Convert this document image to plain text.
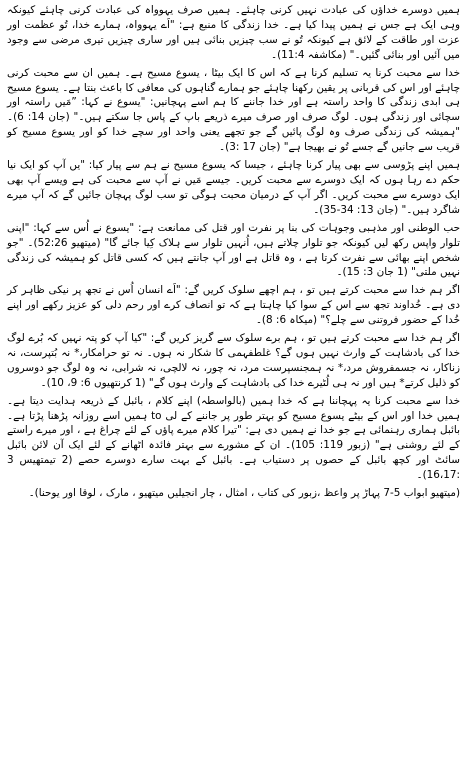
ہمیں دوسرے خداؤں کی عبادت نہیں کرنی چاہئے۔ ہمیں صرف یہوواہ کی عبادت کرنی چاہئے کیونکہ وہی ایک ہے جس نے ہمیں پیدا کیا ہے۔ خدا زندگی کا منبع ہے: "اَے یہوواہ، ہمارے خدا، تُو عظمت اور عزت اور طاقت کے لائق ہے کیونکہ تُو نے سب چیزیں بنائی ہیں اور ساری چیزیں تیری مرضی سے وجود میں آئیں اور بنائی گئیں۔" (مکاشفہ 11:4)۔

خدا سے محبت کرنا یہ تسلیم کرنا ہے کہ اس کا ایک بیٹا ، یسوع مسیح ہے۔ ہمیں ان سے محبت کرنی چاہئے اور اس کی قربانی پر یقین رکھنا چاہئے جو ہمارے گناہوں کی معافی کا باعث بنتا ہے۔ یسوع مسیح ہی ابدی زندگی کا واحد راستہ ہے اور خدا جاننے کا ہم اسے پہچانیں: "یسوع نے کہا: ”مَیں راستہ اور سچائی اور زندگی ہوں۔ لوگ صرف اور صرف میرے ذریعے باپ کے پاس جا سکتے ہیں۔" (جان 14: 6)۔ "ہمیشہ کی زندگی صرف وہ لوگ پائیں گے جو تجھے یعنی واحد اور سچے خدا کو اور یسوع مسیح کو قریب سے جانیں گے جسے تُو نے بھیجا ہے" (جان 17 :3)۔

ہمیں اپنے پڑوسی سے بھی پیار کرنا چاہئے ، جیسا کہ یسوع مسیح نے ہم سے پیار کیا: "یں آپ کو ایک نیا حکم دے رہا ہوں کہ ایک دوسرے سے محبت کریں۔ جیسے مَیں نے آپ سے محبت کی ہے ویسے آپ بھی ایک دوسرے سے محبت کریں۔ اگر آپ کے درمیان محبت ہوگی تو سب لوگ پہچان جائیں گے کہ آپ میرے شاگرد ہیں۔" (جان 13: 34-35)۔

حب الوطنی اور مذہبی وجوہات کی بنا پر نفرت اور قتل کی ممانعت ہے: "یسوع نے اُس سے کہا: "اپنی تلوار واپس رکھ لیں کیونکہ جو تلوار چلاتے ہیں، اُنہیں تلوار سے ہلاک کِیا جائے گا" (میتھیو 52:26)۔ "جو شخص اپنے بھائی سے نفرت کرتا ہے ، وہ قاتل ہے اور آپ جانتے ہیں کہ کسی قاتل کو ہمیشہ کی زندگی نہیں ملتی" (1 جان 3: 15)۔

اگر ہم خدا سے محبت کرتے ہیں تو ، ہم اچھے سلوک کریں گے: "اَے انسان اُس نے تجھ پر نیکی ظاہر کر دی ہے۔ خُداوند تجھ سے اس کے سوا کیا چاہتا ہے کہ تو انصاف کرے اور رحم دلی کو عزیز رکھے اور اپنے خُدا کے حضور فروتنی سے چلے؟" (میکاہ 6: 8)۔

اگر ہم خدا سے محبت کرتے ہیں تو ، ہم برے سلوک سے گریز کریں گے: "کیا آپ کو پتہ نہیں کہ بُرے لوگ خدا کی بادشاہت کے وارث نہیں ہوں گے؟ غلطفہمی کا شکار نہ ہوں۔ نہ تو حرامکار،* نہ بُتپرست، نہ زناکار، نہ جسمفروش مرد،* نہ ہمجنسپرست مرد، نہ چور، نہ لالچی، نہ شرابی، نہ وہ لوگ جو دوسروں کو ذلیل کرتے* ہیں اور نہ ہی لُٹیرے خدا کی بادشاہت کے وارث ہوں گے" (1 کرنتھیوں 6: 9، 10)۔

خدا سے محبت کرنا یہ پہچاننا ہے کہ خدا ہمیں (بالواسطہ) اپنے کلام ، بائبل کے ذریعہ ہدایت دیتا ہے۔ ہمیں خدا اور اس کے بیٹے یسوع مسیح کو بہتر طور پر جاننے کے لی to ہمیں اسے روزانہ پڑھنا پڑتا ہے۔ بائبل ہماری رہنمائی ہے جو خدا نے ہمیں دی ہے: "تیرا کلام میرے پاؤں کے لئے چراغ ہے ، اور میرے راستے کے لئے روشنی ہے" (زبور 119: 105)۔ ان کے مشورے سے بہتر فائدہ اٹھانے کے لئے ایک آن لائن بائبل سائٹ اور کچھ بائبل کے حصوں پر دستیاب ہے۔ بائبل کے بہت سارے دوسرے حصے (2 تیمتھیس 3 :16،17)۔

(میتھیو ابواب 5-7 پہاڑ پر واعظ ،زبور کی کتاب ، امثال ، چار انجیلیں میتھیو ، مارک ، لوقا اور یوحنا)۔
